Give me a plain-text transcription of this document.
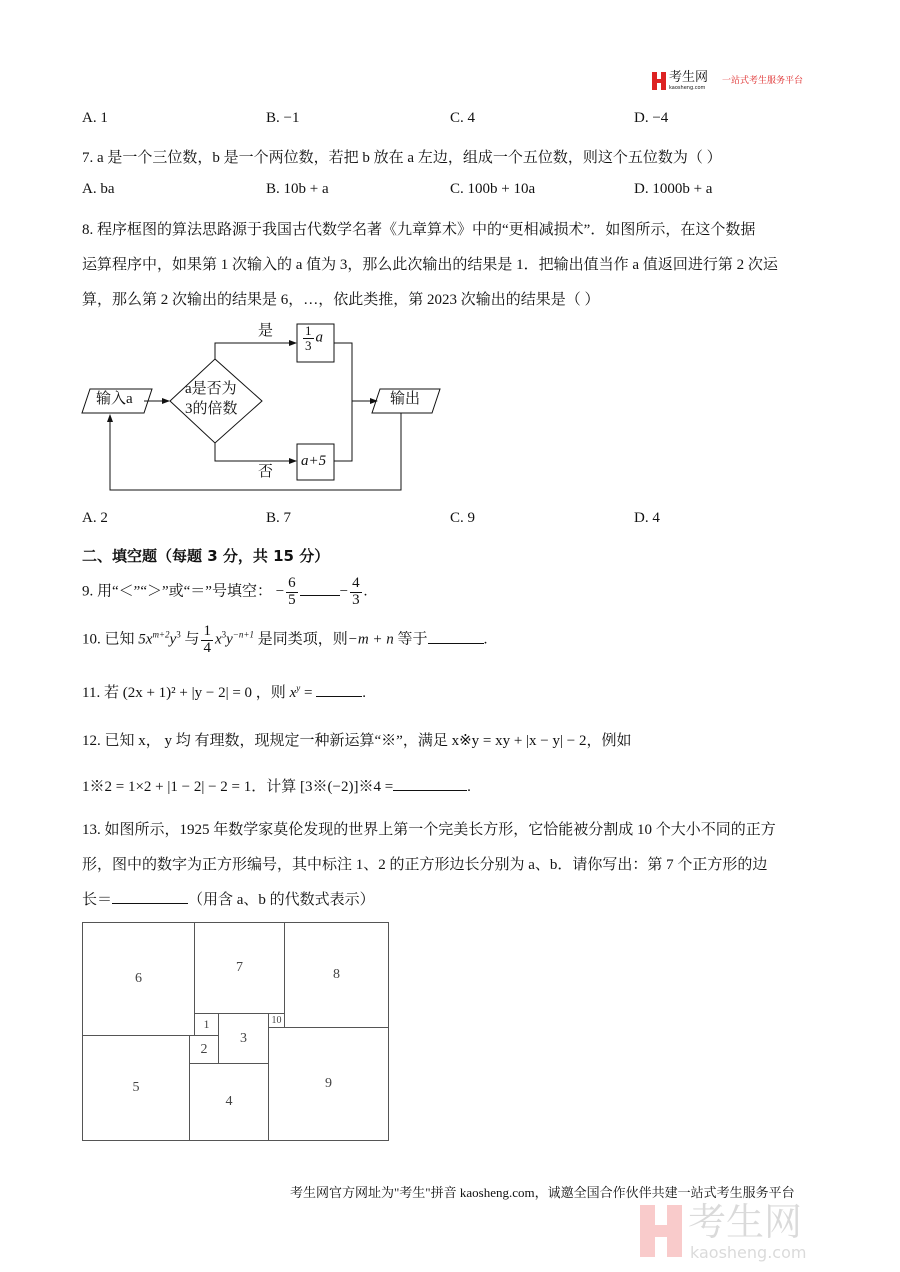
考生网
kaosheng.com
一站式考生服务平台
A. 1	B. −1	C. 4	D. −4
7. a 是一个三位数，b 是一个两位数，若把 b 放在 a 左边，组成一个五位数，则这个五位数为（ ）
A. ba	B. 10b + a	C. 100b + 10a	D. 1000b + a
8. 程序框图的算法思路源于我国古代数学名著《九章算术》中的“更相减损术”．如图所示，在这个数据
运算程序中，如果第 1 次输入的 a 值为 3，那么此次输出的结果是 1．把输出值当作 a 值返回进行第 2 次运
算，那么第 2 次输出的结果是 6，…，依此类推，第 2023 次输出的结果是（ ）
输入a
a是否为
3的倍数
是
否
$\frac{1}{3}$ a
a+5
输出
A. 2	B. 7	C. 9	D. 4
二、填空题（每题 3 分，共 15 分）
9. 用“＜”“＞”或“＝”号填空： − $\frac{6}{5}$	− $\frac{4}{3}$ .
10. 已知 $5x^{m+2}y^3$ 与 $\frac{1}{4} x^3y^{-n+1}$ 是同类项，则−m + n 等于	.
11. 若 (2x + 1)² + |y − 2| = 0 ，则 $x^y$ =	.
12. 已知 x， y 均 有理数，现规定一种新运算“※”，满足 x※y = xy + |x − y| − 2，例如
1※2 = 1×2 + |1 − 2| − 2 = 1．计算 [3※(−2)]※4 =	.
13. 如图所示，1925 年数学家莫伦发现的世界上第一个完美长方形，它恰能被分割成 10 个大小不同的正方
形，图中的数字为正方形编号，其中标注 1、2 的正方形边长分别为 a、b．请你写出：第 7 个正方形的边
长＝	（用含 a、b 的代数式表示）
6
7	8
1	10
3
2
5
4
9
考生网官方网址为"考生"拼音 kaosheng.com，诚邀全国合作伙伴共建一站式考生服务平台
考生网
kaosheng.com
